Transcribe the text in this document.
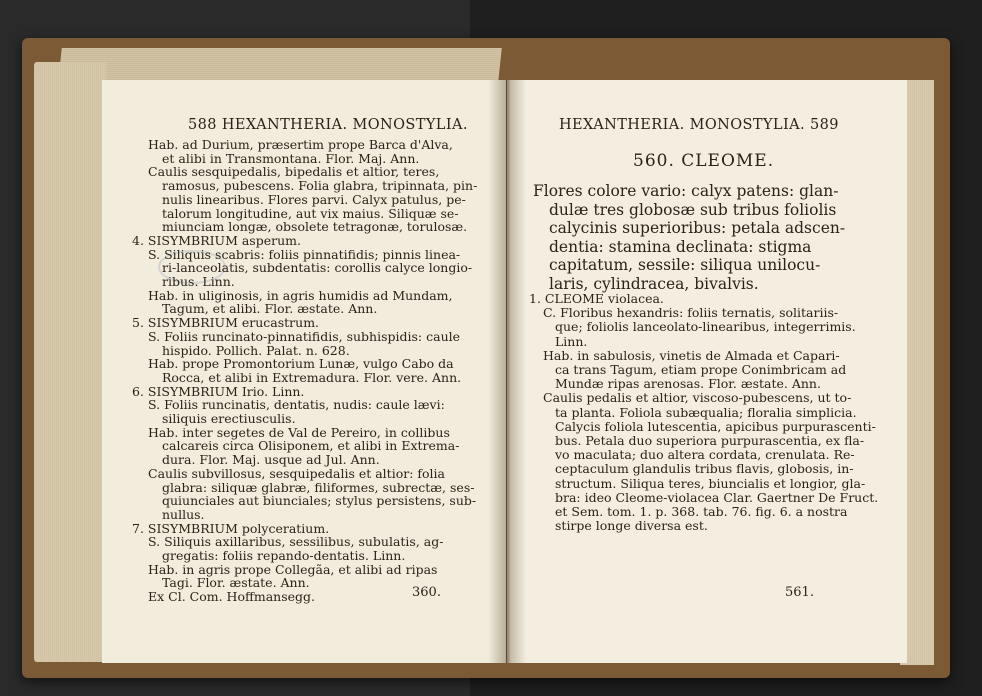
588 HEXANTHERIA. MONOSTYLIA.
Hab. ad Durium, præsertim prope Barca d'Alva,
et alibi in Transmontana. Flor. Maj. Ann.
Caulis sesquipedalis, bipedalis et altior, teres,
ramosus, pubescens. Folia glabra, tripinnata, pin-
nulis linearibus. Flores parvi. Calyx patulus, pe-
talorum longitudine, aut vix maius. Siliquæ se-
miunciam longæ, obsolete tetragonæ, torulosæ.
4. SISYMBRIUM asperum.
S. Siliquis scabris: foliis pinnatifidis; pinnis linea-
ri-lanceolatis, subdentatis: corollis calyce longio-
ribus. Linn.
Hab. in uliginosis, in agris humidis ad Mundam,
Tagum, et alibi. Flor. æstate. Ann.
5. SISYMBRIUM erucastrum.
S. Foliis runcinato-pinnatifidis, subhispidis: caule
hispido. Pollich. Palat. n. 628.
Hab. prope Promontorium Lunæ, vulgo Cabo da
Rocca, et alibi in Extremadura. Flor. vere. Ann.
6. SISYMBRIUM Irio. Linn.
S. Foliis runcinatis, dentatis, nudis: caule lævi:
siliquis erectiusculis.
Hab. inter segetes de Val de Pereiro, in collibus
calcareis circa Olisiponem, et alibi in Extrema-
dura. Flor. Maj. usque ad Jul. Ann.
Caulis subvillosus, sesquipedalis et altior: folia
glabra: siliquæ glabræ, filiformes, subrectæ, ses-
quiunciales aut biunciales; stylus persistens, sub-
nullus.
7. SISYMBRIUM polyceratium.
S. Siliquis axillaribus, sessilibus, subulatis, ag-
gregatis: foliis repando-dentatis. Linn.
Hab. in agris prope Collegãa, et alibi ad ripas
Tagi. Flor. æstate. Ann.
Ex Cl. Com. Hoffmansegg.	360.
HEXANTHERIA. MONOSTYLIA. 589
560. CLEOME.
Flores colore vario: calyx patens: glan-
dulæ tres globosæ sub tribus foliolis
calycinis superioribus: petala adscen-
dentia: stamina declinata: stigma
capitatum, sessile: siliqua unilocu-
laris, cylindracea, bivalvis.
1. CLEOME violacea.
C. Floribus hexandris: foliis ternatis, solitariis-
que; foliolis lanceolato-linearibus, integerrimis.
Linn.
Hab. in sabulosis, vinetis de Almada et Capari-
ca trans Tagum, etiam prope Conimbricam ad
Mundæ ripas arenosas. Flor. æstate. Ann.
Caulis pedalis et altior, viscoso-pubescens, ut to-
ta planta. Foliola subæqualia; floralia simplicia.
Calycis foliola lutescentia, apicibus purpurascenti-
bus. Petala duo superiora purpurascentia, ex fla-
vo maculata; duo altera cordata, crenulata. Re-
ceptaculum glandulis tribus flavis, globosis, in-
structum. Siliqua teres, biuncialis et longior, gla-
bra: ideo Cleome-violacea Clar. Gaertner De Fruct.
et Sem. tom. 1. p. 368. tab. 76. fig. 6. a nostra
stirpe longe diversa est.
561.
